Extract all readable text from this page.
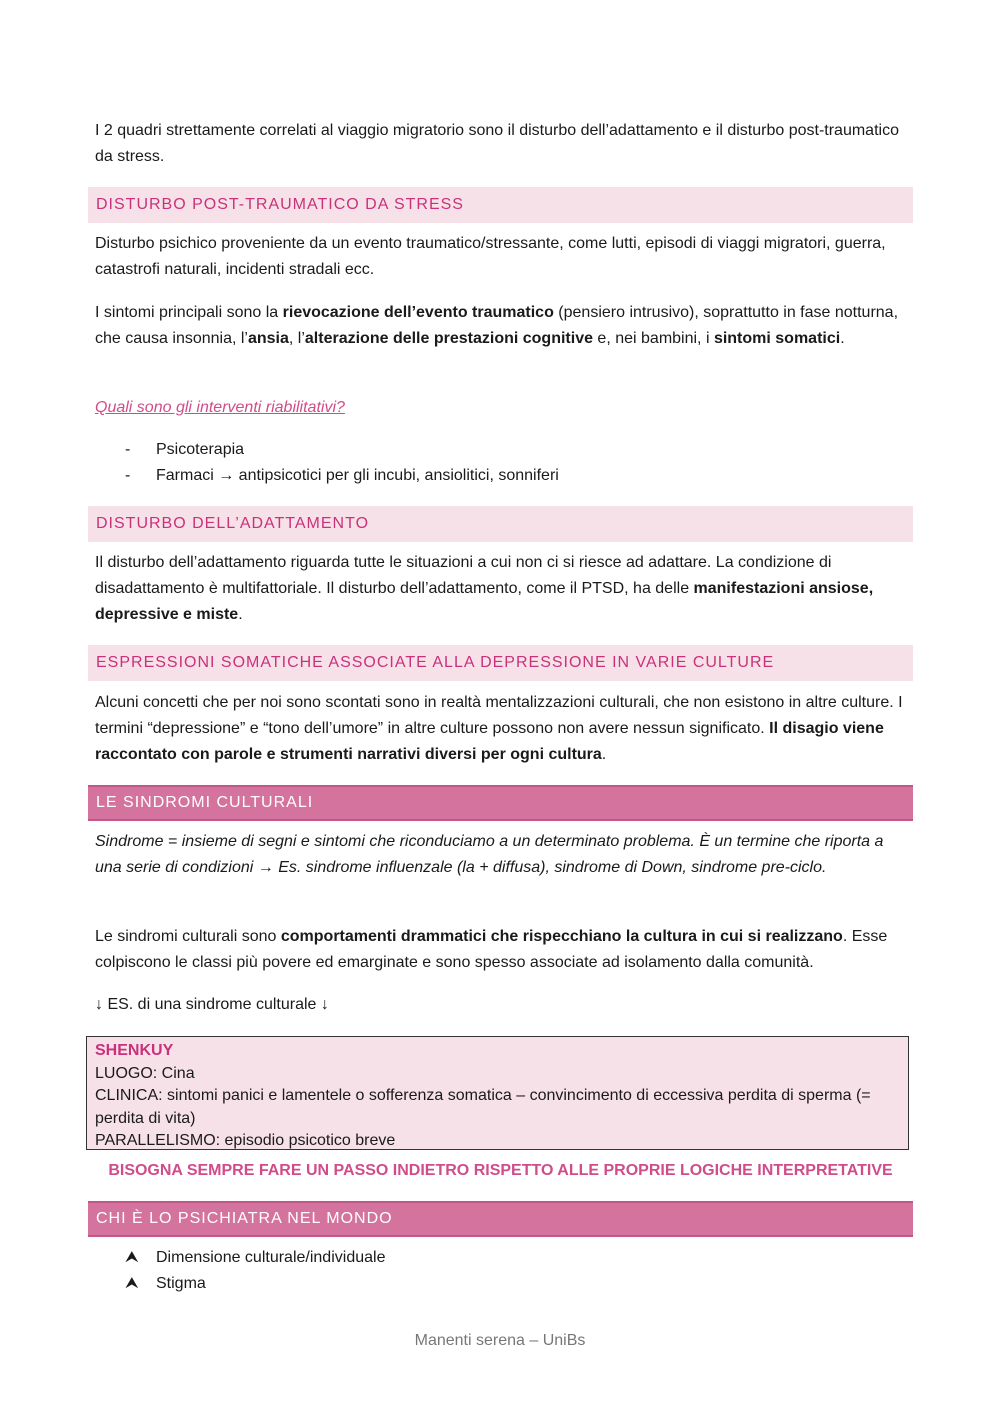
I 2 quadri strettamente correlati al viaggio migratorio sono il disturbo dell’adattamento e il disturbo post-traumatico da stress.

DISTURBO POST-TRAUMATICO DA STRESS

Disturbo psichico proveniente da un evento traumatico/stressante, come lutti, episodi di viaggi migratori, guerra, catastrofi naturali, incidenti stradali ecc.

I sintomi principali sono la rievocazione dell’evento traumatico (pensiero intrusivo), soprattutto in fase notturna, che causa insonnia, l’ansia, l’alterazione delle prestazioni cognitive e, nei bambini, i sintomi somatici.

Quali sono gli interventi riabilitativi?

- Psicoterapia
- Farmaci → antipsicotici per gli incubi, ansiolitici, sonniferi
DISTURBO DELL’ADATTAMENTO

Il disturbo dell’adattamento riguarda tutte le situazioni a cui non ci si riesce ad adattare. La condizione di disadattamento è multifattoriale. Il disturbo dell’adattamento, come il PTSD, ha delle manifestazioni ansiose, depressive e miste.

ESPRESSIONI SOMATICHE ASSOCIATE ALLA DEPRESSIONE IN VARIE CULTURE

Alcuni concetti che per noi sono scontati sono in realtà mentalizzazioni culturali, che non esistono in altre culture. I termini “depressione” e “tono dell’umore” in altre culture possono non avere nessun significato. Il disagio viene raccontato con parole e strumenti narrativi diversi per ogni cultura.

LE SINDROMI CULTURALI

Sindrome = insieme di segni e sintomi che riconduciamo a un determinato problema. È un termine che riporta a una serie di condizioni → Es. sindrome influenzale (la + diffusa), sindrome di Down, sindrome pre-ciclo.

Le sindromi culturali sono comportamenti drammatici che rispecchiano la cultura in cui si realizzano. Esse colpiscono le classi più povere ed emarginate e sono spesso associate ad isolamento dalla comunità.

↓ ES. di una sindrome culturale ↓

SHENKUY
LUOGO: Cina
CLINICA: sintomi panici e lamentele o sofferenza somatica – convincimento di eccessiva perdita di sperma (= perdita di vita)
PARALLELISMO: episodio psicotico breve
BISOGNA SEMPRE FARE UN PASSO INDIETRO RISPETTO ALLE PROPRIE LOGICHE INTERPRETATIVE
CHI È LO PSICHIATRA NEL MONDO
⮝ Dimensione culturale/individuale
⮝ Stigma
Manenti serena – UniBs
